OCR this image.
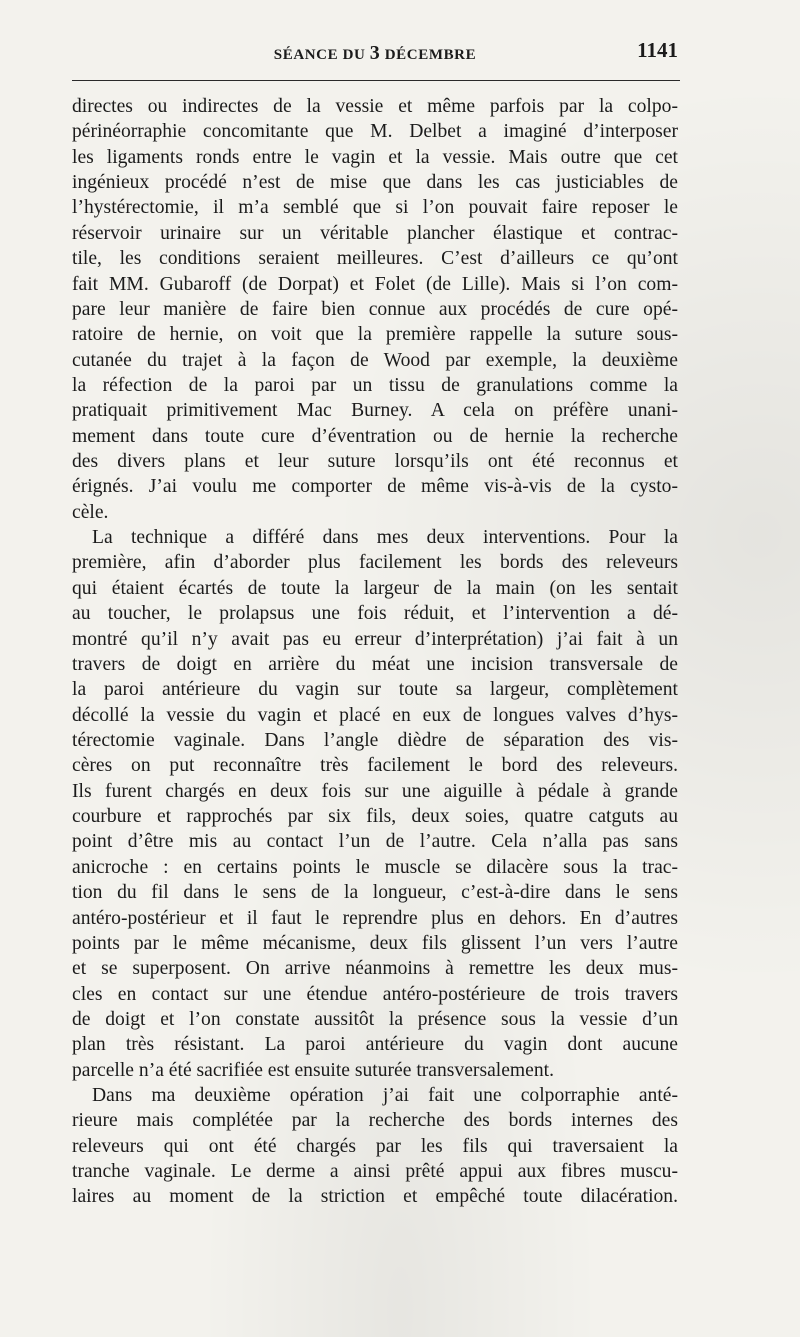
SÉANCE DU 3 DÉCEMBRE	1141
directes ou indirectes de la vessie et même parfois par la colpo-
périnéorraphie concomitante que M. Delbet a imaginé d’interposer
les ligaments ronds entre le vagin et la vessie. Mais outre que cet
ingénieux procédé n’est de mise que dans les cas justiciables de
l’hystérectomie, il m’a semblé que si l’on pouvait faire reposer le
réservoir urinaire sur un véritable plancher élastique et contrac-
tile, les conditions seraient meilleures. C’est d’ailleurs ce qu’ont
fait MM. Gubaroff (de Dorpat) et Folet (de Lille). Mais si l’on com-
pare leur manière de faire bien connue aux procédés de cure opé-
ratoire de hernie, on voit que la première rappelle la suture sous-
cutanée du trajet à la façon de Wood par exemple, la deuxième
la réfection de la paroi par un tissu de granulations comme la
pratiquait primitivement Mac Burney. A cela on préfère unani-
mement dans toute cure d’éventration ou de hernie la recherche
des divers plans et leur suture lorsqu’ils ont été reconnus et
érignés. J’ai voulu me comporter de même vis-à-vis de la cysto-
cèle.
La technique a différé dans mes deux interventions. Pour la
première, afin d’aborder plus facilement les bords des releveurs
qui étaient écartés de toute la largeur de la main (on les sentait
au toucher, le prolapsus une fois réduit, et l’intervention a dé-
montré qu’il n’y avait pas eu erreur d’interprétation) j’ai fait à un
travers de doigt en arrière du méat une incision transversale de
la paroi antérieure du vagin sur toute sa largeur, complètement
décollé la vessie du vagin et placé en eux de longues valves d’hys-
térectomie vaginale. Dans l’angle dièdre de séparation des vis-
cères on put reconnaître très facilement le bord des releveurs.
Ils furent chargés en deux fois sur une aiguille à pédale à grande
courbure et rapprochés par six fils, deux soies, quatre catguts au
point d’être mis au contact l’un de l’autre. Cela n’alla pas sans
anicroche : en certains points le muscle se dilacère sous la trac-
tion du fil dans le sens de la longueur, c’est-à-dire dans le sens
antéro-postérieur et il faut le reprendre plus en dehors. En d’autres
points par le même mécanisme, deux fils glissent l’un vers l’autre
et se superposent. On arrive néanmoins à remettre les deux mus-
cles en contact sur une étendue antéro-postérieure de trois travers
de doigt et l’on constate aussitôt la présence sous la vessie d’un
plan très résistant. La paroi antérieure du vagin dont aucune
parcelle n’a été sacrifiée est ensuite suturée transversalement.
Dans ma deuxième opération j’ai fait une colporraphie anté-
rieure mais complétée par la recherche des bords internes des
releveurs qui ont été chargés par les fils qui traversaient la
tranche vaginale. Le derme a ainsi prêté appui aux fibres muscu-
laires au moment de la striction et empêché toute dilacération.
